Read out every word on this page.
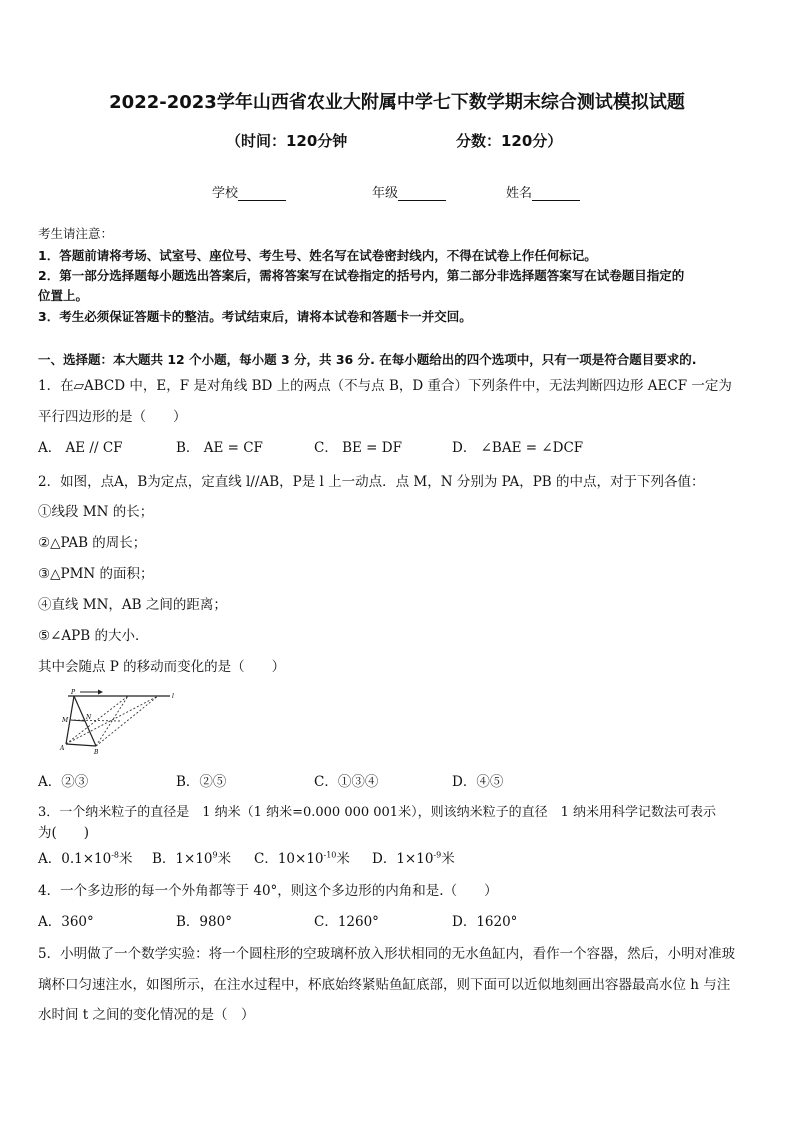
2022-2023学年山西省农业大附属中学七下数学期末综合测试模拟试题
（时间：120分钟	分数：120分）
学校	年级	姓名
考生请注意：
1．答题前请将考场、试室号、座位号、考生号、姓名写在试卷密封线内，不得在试卷上作任何标记。
2．第一部分选择题每小题选出答案后，需将答案写在试卷指定的括号内，第二部分非选择题答案写在试卷题目指定的
位置上。
3．考生必须保证答题卡的整洁。考试结束后，请将本试卷和答题卡一并交回。
一、选择题：本大题共 12 个小题，每小题 3 分，共 36 分. 在每小题给出的四个选项中，只有一项是符合题目要求的.
1．在▱ABCD 中，E，F 是对角线 BD 上的两点（不与点 B，D 重合）下列条件中，无法判断四边形 AECF 一定为
平行四边形的是（　　）
A． AE // CF	B． AE = CF	C． BE = DF	D． ∠BAE = ∠DCF
2．如图，点A，B为定点，定直线 l//AB，P是 l 上一动点．点 M，N 分别为 PA，PB 的中点，对于下列各值：
①线段 MN 的长；
②△PAB 的周长；
③△PMN 的面积；
④直线 MN，AB 之间的距离；
⑤∠APB 的大小．
其中会随点 P 的移动而变化的是（　　）
P
l
M	N
A
B
A．②③	B．②⑤	C．①③④	D．④⑤
3．一个纳米粒子的直径是　1 纳米（1 纳米=0.000 000 001米），则该纳米粒子的直径　1 纳米用科学记数法可表示
为(　　)
A．$0.1\times 10^{-8}$米 B．$1\times 10^9$米 C．$10\times 10^{-10}$米 D．$1\times 10^{-9}$米
4．一个多边形的每一个外角都等于 40°，则这个多边形的内角和是.（　　）
A．360°	B．980°	C．1260°	D．1620°
5．小明做了一个数学实验：将一个圆柱形的空玻璃杯放入形状相同的无水鱼缸内，看作一个容器，然后，小明对准玻
璃杯口匀速注水，如图所示，在注水过程中，杯底始终紧贴鱼缸底部，则下面可以近似地刻画出容器最高水位 h 与注
水时间 t 之间的变化情况的是（　）
